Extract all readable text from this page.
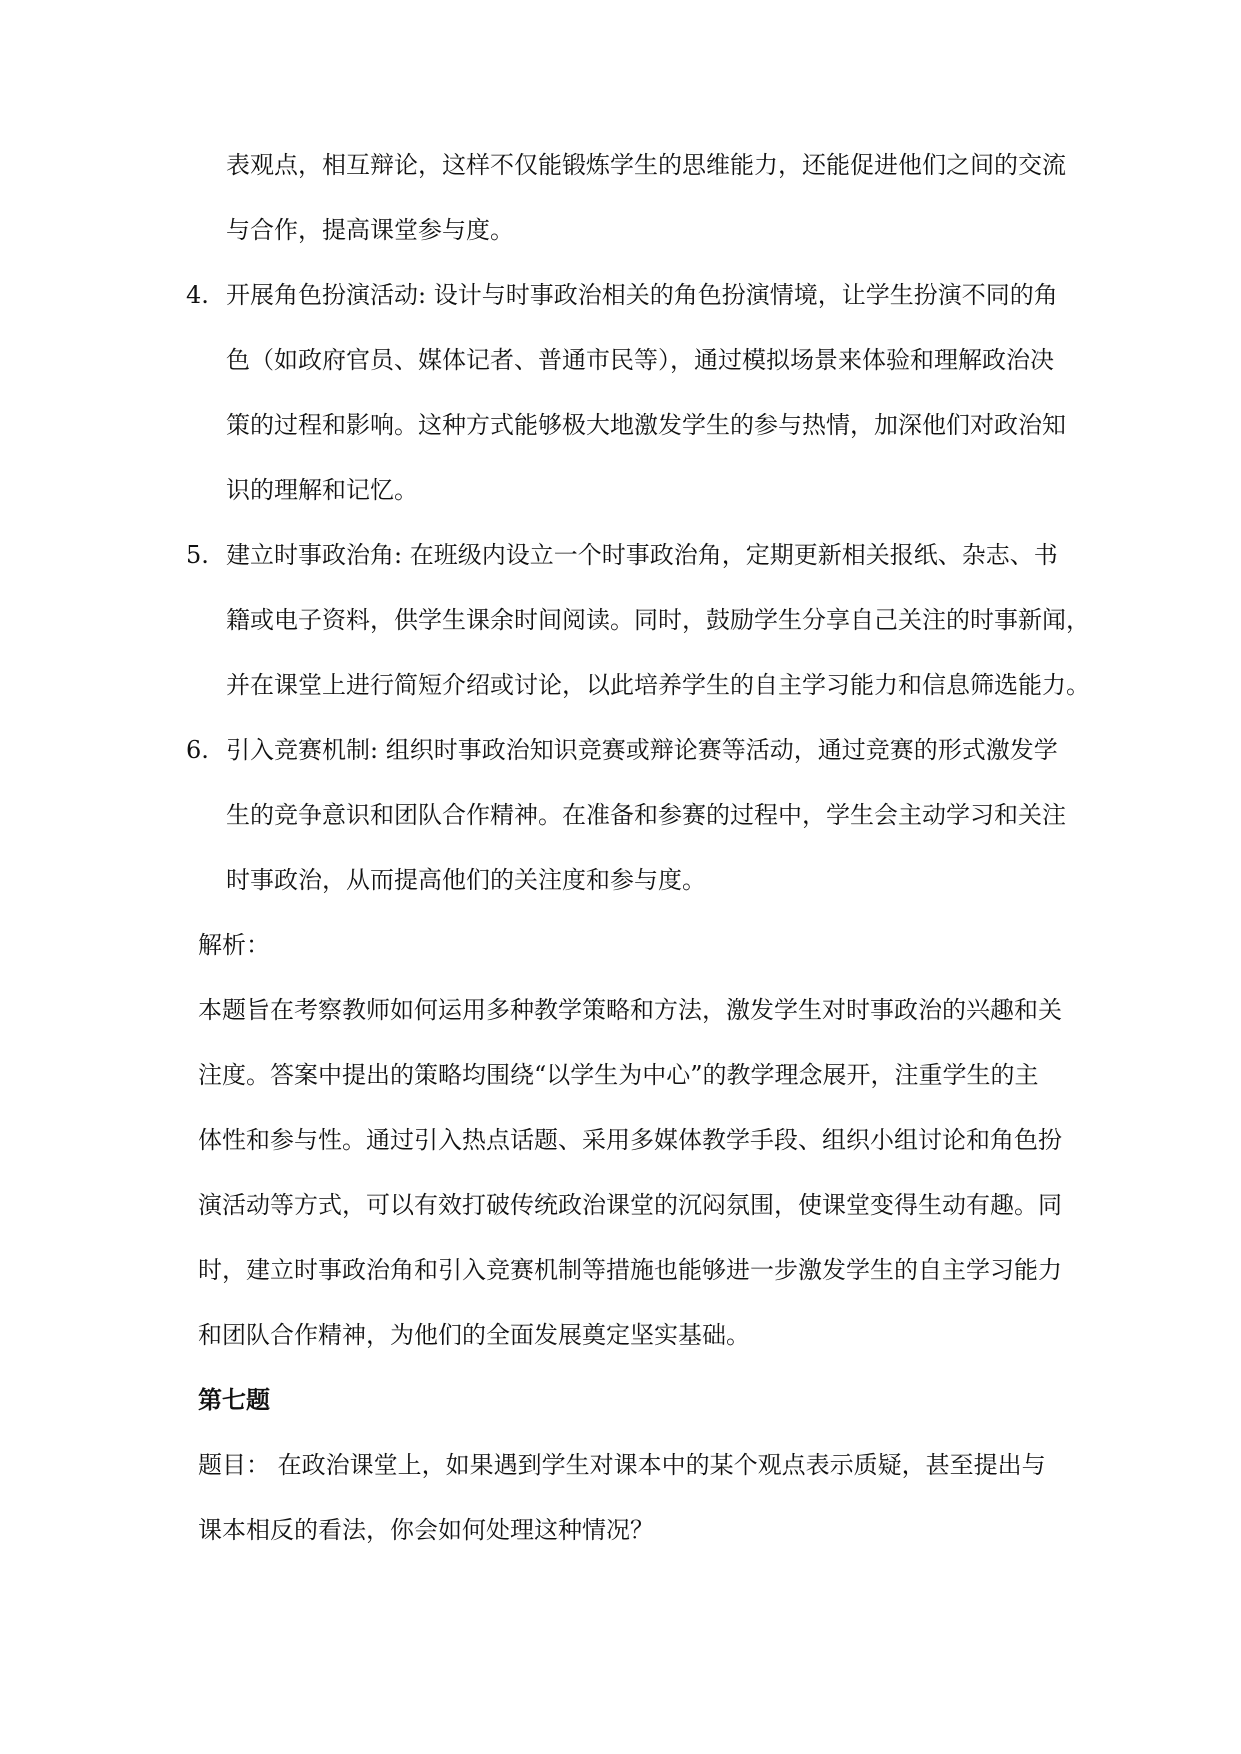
表观点，相互辩论，这样不仅能锻炼学生的思维能力，还能促进他们之间的交流
与合作，提高课堂参与度。
4. 开展角色扮演活动: 设计与时事政治相关的角色扮演情境，让学生扮演不同的角
色（如政府官员、媒体记者、普通市民等），通过模拟场景来体验和理解政治决
策的过程和影响。这种方式能够极大地激发学生的参与热情，加深他们对政治知
识的理解和记忆。
5. 建立时事政治角: 在班级内设立一个时事政治角，定期更新相关报纸、杂志、书
籍或电子资料，供学生课余时间阅读。同时，鼓励学生分享自己关注的时事新闻，
并在课堂上进行简短介绍或讨论，以此培养学生的自主学习能力和信息筛选能力。
6. 引入竞赛机制: 组织时事政治知识竞赛或辩论赛等活动，通过竞赛的形式激发学
生的竞争意识和团队合作精神。在准备和参赛的过程中，学生会主动学习和关注
时事政治，从而提高他们的关注度和参与度。
解析：
本题旨在考察教师如何运用多种教学策略和方法，激发学生对时事政治的兴趣和关
注度。答案中提出的策略均围绕“以学生为中心”的教学理念展开，注重学生的主
体性和参与性。通过引入热点话题、采用多媒体教学手段、组织小组讨论和角色扮
演活动等方式，可以有效打破传统政治课堂的沉闷氛围，使课堂变得生动有趣。同
时，建立时事政治角和引入竞赛机制等措施也能够进一步激发学生的自主学习能力
和团队合作精神，为他们的全面发展奠定坚实基础。
第七题
题目： 在政治课堂上，如果遇到学生对课本中的某个观点表示质疑，甚至提出与
课本相反的看法，你会如何处理这种情况？
